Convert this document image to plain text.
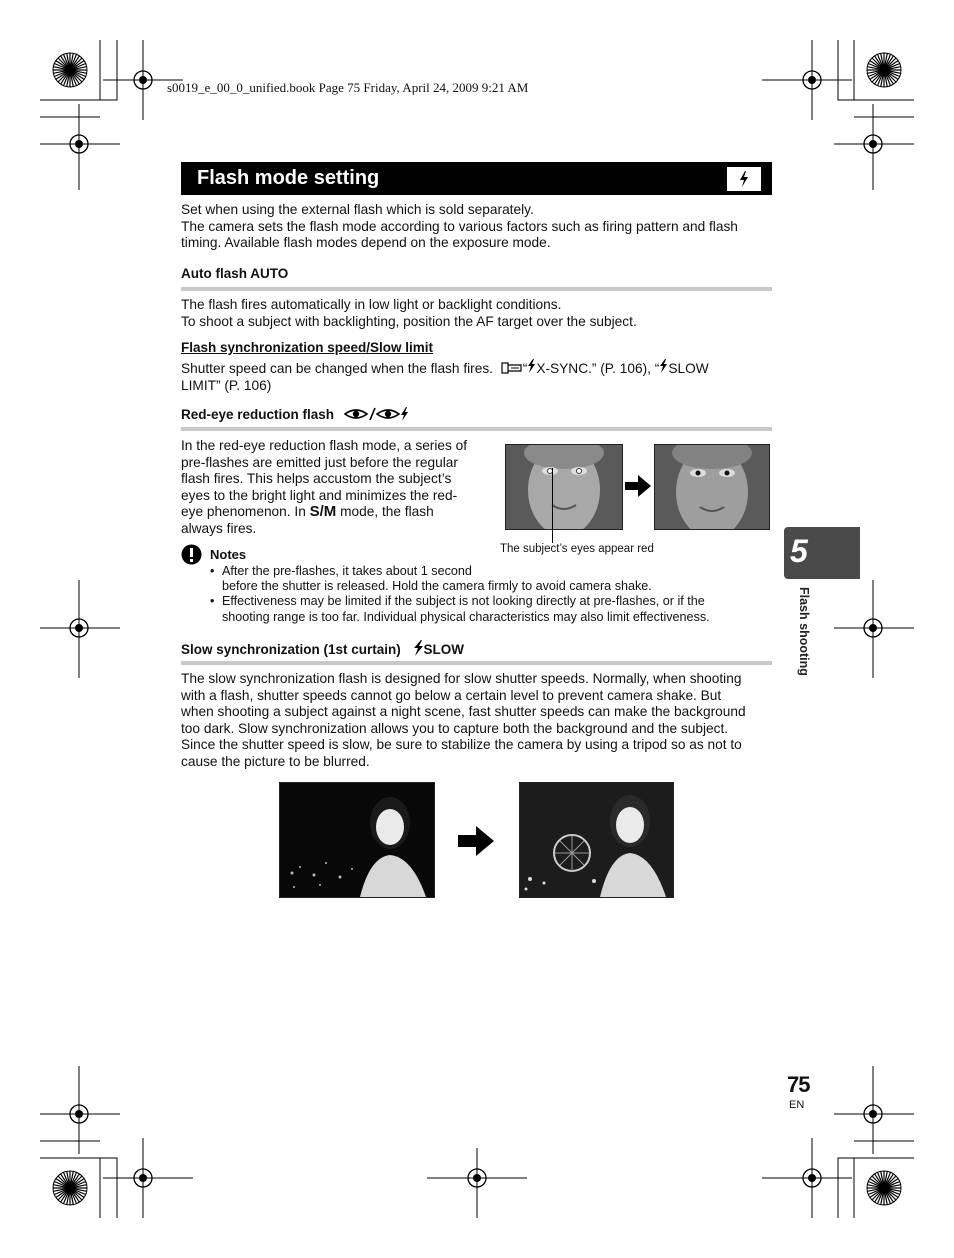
s0019_e_00_0_unified.book Page 75 Friday, April 24, 2009 9:21 AM
Flash mode setting
Set when using the external flash which is sold separately.
The camera sets the flash mode according to various factors such as firing pattern and flash
timing. Available flash modes depend on the exposure mode.
Auto flash AUTO
The flash fires automatically in low light or backlight conditions.
To shoot a subject with backlighting, position the AF target over the subject.
Flash synchronization speed/Slow limit
Shutter speed can be changed when the flash fires. “ X-SYNC.” (P. 106), “ SLOW
LIMIT” (P. 106)
Red-eye reduction flash
In the red-eye reduction flash mode, a series of
pre-flashes are emitted just before the regular
flash fires. This helps accustom the subject’s
eyes to the bright light and minimizes the red-
eye phenomenon. In S/M mode, the flash
always fires.
The subject’s eyes appear red
Notes
• After the pre-flashes, it takes about 1 second
before the shutter is released. Hold the camera firmly to avoid camera shake.
• Effectiveness may be limited if the subject is not looking directly at pre-flashes, or if the
shooting range is too far. Individual physical characteristics may also limit effectiveness.
Slow synchronization (1st curtain) SLOW
The slow synchronization flash is designed for slow shutter speeds. Normally, when shooting
with a flash, shutter speeds cannot go below a certain level to prevent camera shake. But
when shooting a subject against a night scene, fast shutter speeds can make the background
too dark. Slow synchronization allows you to capture both the background and the subject.
Since the shutter speed is slow, be sure to stabilize the camera by using a tripod so as not to
cause the picture to be blurred.
5
Flash shooting
75
EN
